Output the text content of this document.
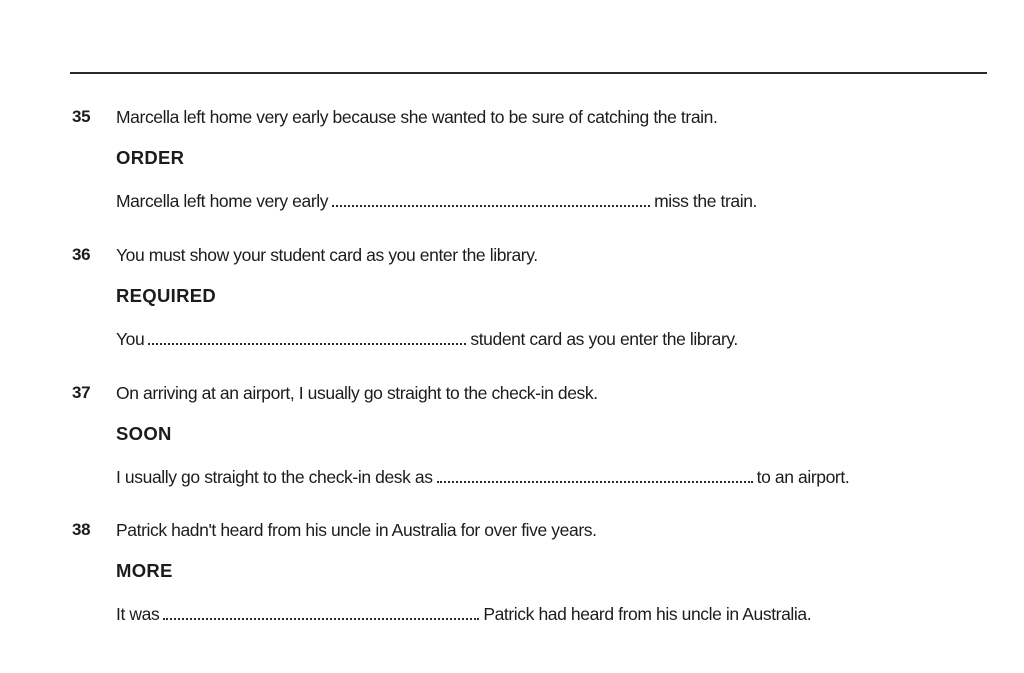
35 Marcella left home very early because she wanted to be sure of catching the train.
ORDER
Marcella left home very early	miss the train.
36 You must show your student card as you enter the library.
REQUIRED
You	student card as you enter the library.
37 On arriving at an airport, I usually go straight to the check-in desk.
SOON
I usually go straight to the check-in desk as	to an airport.
38 Patrick hadn't heard from his uncle in Australia for over five years.
MORE
It was	Patrick had heard from his uncle in Australia.
